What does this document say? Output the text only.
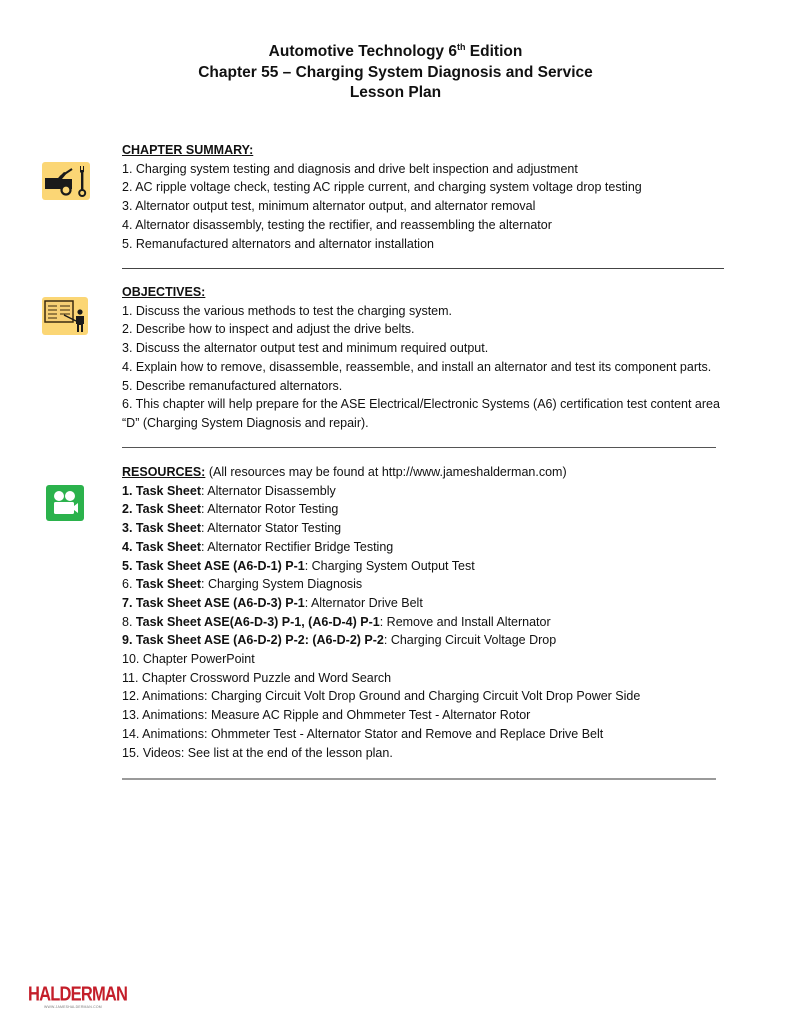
Automotive Technology 6th Edition
Chapter 55 – Charging System Diagnosis and Service
Lesson Plan
CHAPTER SUMMARY:
1. Charging system testing and diagnosis and drive belt inspection and adjustment
2. AC ripple voltage check, testing AC ripple current, and charging system voltage drop testing
3. Alternator output test, minimum alternator output, and alternator removal
4. Alternator disassembly, testing the rectifier, and reassembling the alternator
5. Remanufactured alternators and alternator installation
OBJECTIVES:
1. Discuss the various methods to test the charging system.
2. Describe how to inspect and adjust the drive belts.
3. Discuss the alternator output test and minimum required output.
4. Explain how to remove, disassemble, reassemble, and install an alternator and test its component parts.
5. Describe remanufactured alternators.
6. This chapter will help prepare for the ASE Electrical/Electronic Systems (A6) certification test content area
“D” (Charging System Diagnosis and repair).
RESOURCES: (All resources may be found at http://www.jameshalderman.com)
1. Task Sheet: Alternator Disassembly
2. Task Sheet: Alternator Rotor Testing
3. Task Sheet: Alternator Stator Testing
4. Task Sheet: Alternator Rectifier Bridge Testing
5. Task Sheet ASE (A6-D-1) P-1: Charging System Output Test
6. Task Sheet: Charging System Diagnosis
7. Task Sheet ASE (A6-D-3) P-1: Alternator Drive Belt
8. Task Sheet ASE(A6-D-3) P-1, (A6-D-4) P-1: Remove and Install Alternator
9. Task Sheet ASE (A6-D-2) P-2: (A6-D-2) P-2: Charging Circuit Voltage Drop
10. Chapter PowerPoint
11. Chapter Crossword Puzzle and Word Search
12. Animations: Charging Circuit Volt Drop Ground and Charging Circuit Volt Drop Power Side
13. Animations: Measure AC Ripple and Ohmmeter Test - Alternator Rotor
14. Animations: Ohmmeter Test - Alternator Stator and Remove and Replace Drive Belt
15. Videos: See list at the end of the lesson plan.
HALDERMAN
WWW.JAMESHALDERMAN.COM
